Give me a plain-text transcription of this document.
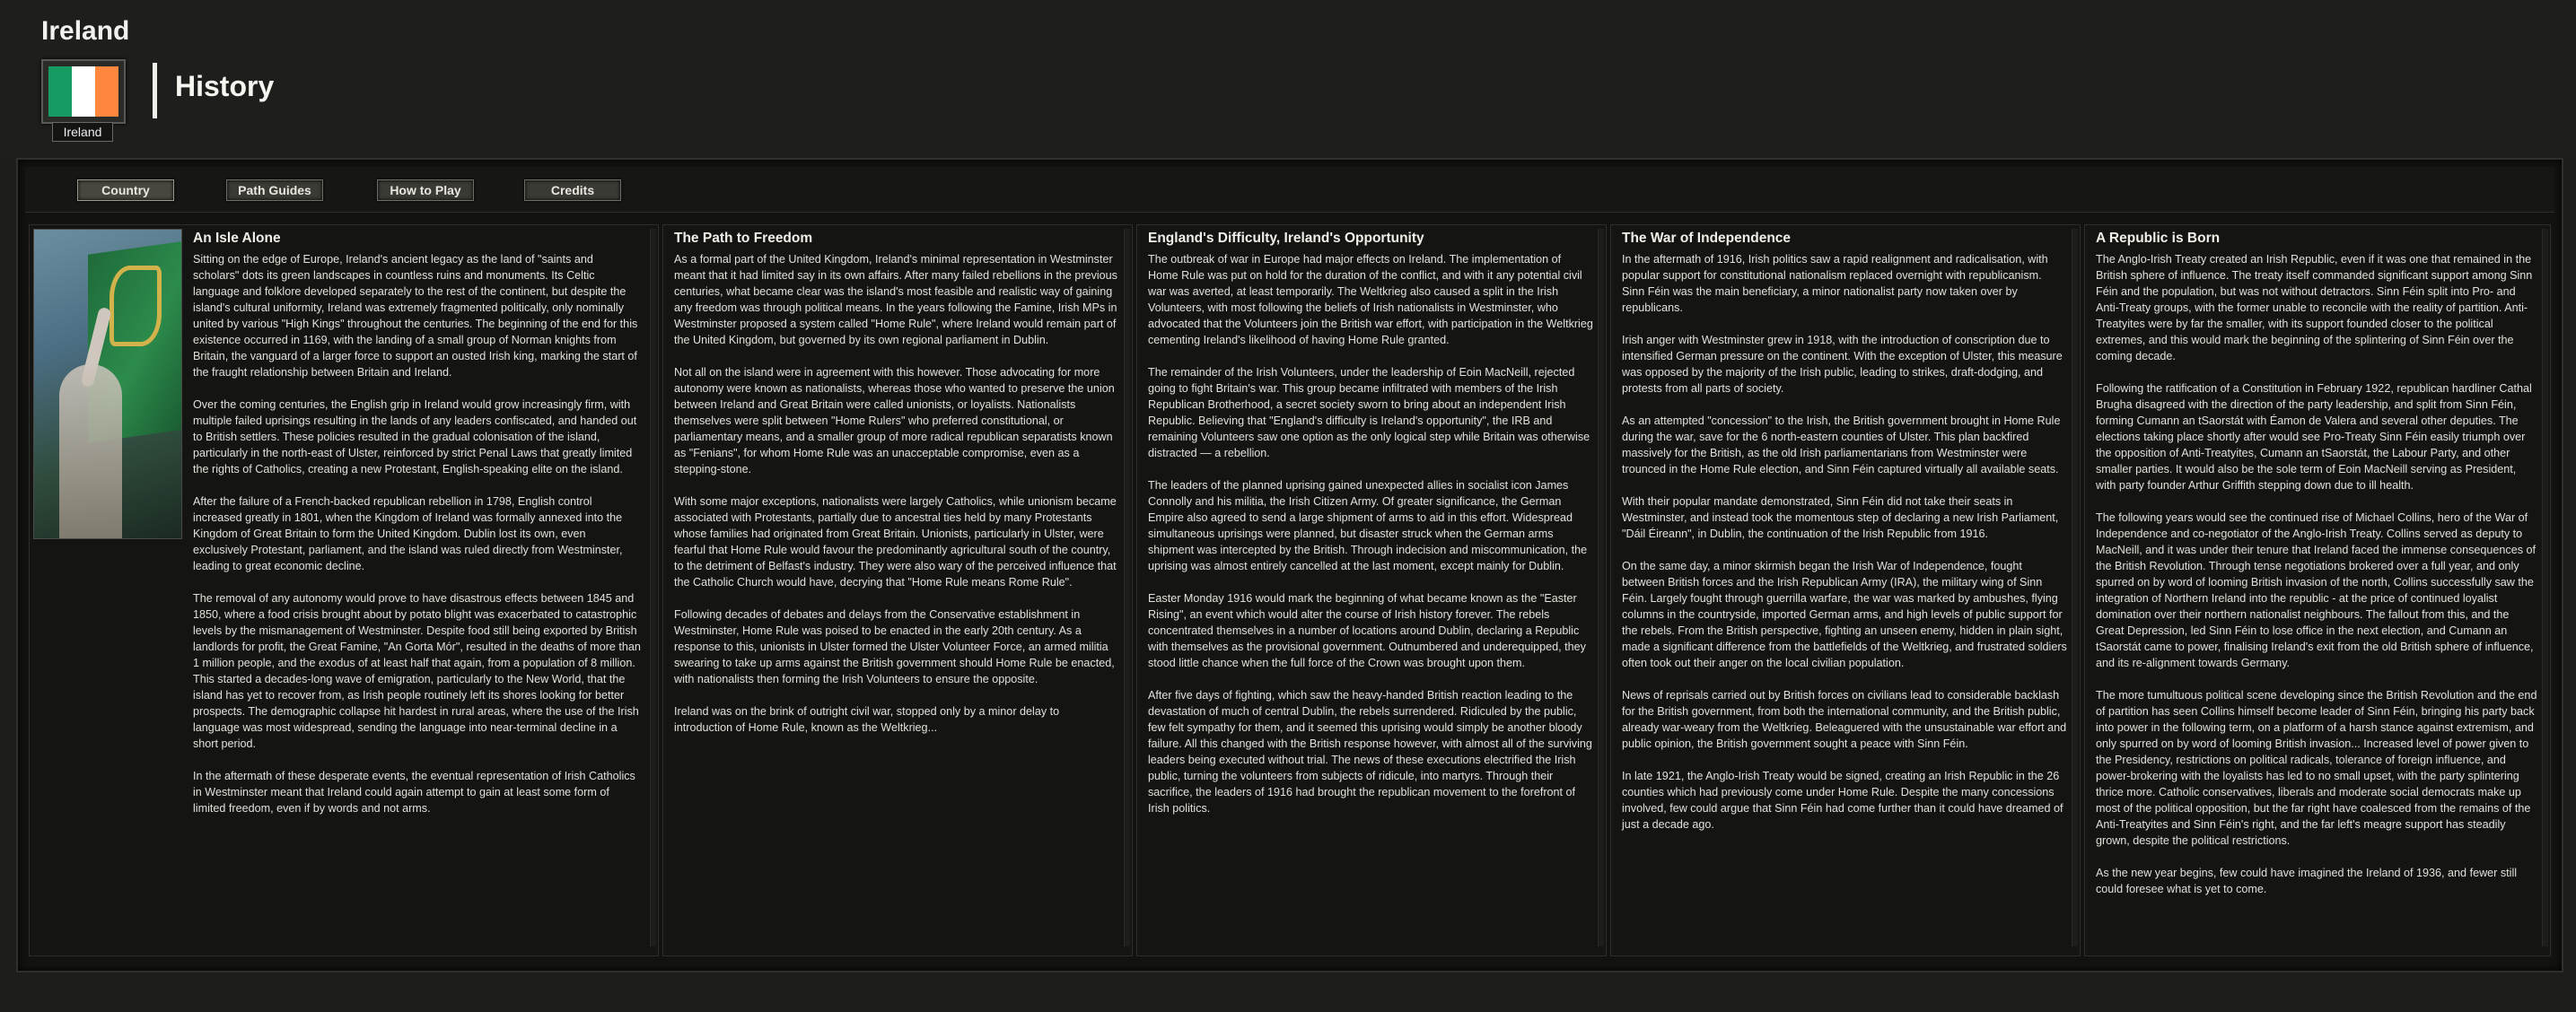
Ireland
Ireland
History
Country	Path Guides	How to Play	Credits
An Isle Alone

Sitting on the edge of Europe, Ireland's ancient legacy as the land of "saints and scholars" dots its green landscapes in countless ruins and monuments. Its Celtic language and folklore developed separately to the rest of the continent, but despite the island's cultural uniformity, Ireland was extremely fragmented politically, only nominally united by various "High Kings" throughout the centuries. The beginning of the end for this existence occurred in 1169, with the landing of a small group of Norman knights from Britain, the vanguard of a larger force to support an ousted Irish king, marking the start of the fraught relationship between Britain and Ireland.

Over the coming centuries, the English grip in Ireland would grow increasingly firm, with multiple failed uprisings resulting in the lands of any leaders confiscated, and handed out to British settlers. These policies resulted in the gradual colonisation of the island, particularly in the north-east of Ulster, reinforced by strict Penal Laws that greatly limited the rights of Catholics, creating a new Protestant, English-speaking elite on the island.

After the failure of a French-backed republican rebellion in 1798, English control increased greatly in 1801, when the Kingdom of Ireland was formally annexed into the Kingdom of Great Britain to form the United Kingdom. Dublin lost its own, even exclusively Protestant, parliament, and the island was ruled directly from Westminster, leading to great economic decline.

The removal of any autonomy would prove to have disastrous effects between 1845 and 1850, where a food crisis brought about by potato blight was exacerbated to catastrophic levels by the mismanagement of Westminster. Despite food still being exported by British landlords for profit, the Great Famine, "An Gorta Mór", resulted in the deaths of more than 1 million people, and the exodus of at least half that again, from a population of 8 million. This started a decades-long wave of emigration, particularly to the New World, that the island has yet to recover from, as Irish people routinely left its shores looking for better prospects. The demographic collapse hit hardest in rural areas, where the use of the Irish language was most widespread, sending the language into near-terminal decline in a short period.

In the aftermath of these desperate events, the eventual representation of Irish Catholics in Westminster meant that Ireland could again attempt to gain at least some form of limited freedom, even if by words and not arms.

The Path to Freedom

As a formal part of the United Kingdom, Ireland's minimal representation in Westminster meant that it had limited say in its own affairs. After many failed rebellions in the previous centuries, what became clear was the island's most feasible and realistic way of gaining any freedom was through political means. In the years following the Famine, Irish MPs in Westminster proposed a system called "Home Rule", where Ireland would remain part of the United Kingdom, but governed by its own regional parliament in Dublin.

Not all on the island were in agreement with this however. Those advocating for more autonomy were known as nationalists, whereas those who wanted to preserve the union between Ireland and Great Britain were called unionists, or loyalists. Nationalists themselves were split between "Home Rulers" who preferred constitutional, or parliamentary means, and a smaller group of more radical republican separatists known as "Fenians", for whom Home Rule was an unacceptable compromise, even as a stepping-stone.

With some major exceptions, nationalists were largely Catholics, while unionism became associated with Protestants, partially due to ancestral ties held by many Protestants whose families had originated from Great Britain. Unionists, particularly in Ulster, were fearful that Home Rule would favour the predominantly agricultural south of the country, to the detriment of Belfast's industry. They were also wary of the perceived influence that the Catholic Church would have, decrying that "Home Rule means Rome Rule".

Following decades of debates and delays from the Conservative establishment in Westminster, Home Rule was poised to be enacted in the early 20th century. As a response to this, unionists in Ulster formed the Ulster Volunteer Force, an armed militia swearing to take up arms against the British government should Home Rule be enacted, with nationalists then forming the Irish Volunteers to ensure the opposite.

Ireland was on the brink of outright civil war, stopped only by a minor delay to introduction of Home Rule, known as the Weltkrieg...

England's Difficulty, Ireland's Opportunity

The outbreak of war in Europe had major effects on Ireland. The implementation of Home Rule was put on hold for the duration of the conflict, and with it any potential civil war was averted, at least temporarily. The Weltkrieg also caused a split in the Irish Volunteers, with most following the beliefs of Irish nationalists in Westminster, who advocated that the Volunteers join the British war effort, with participation in the Weltkrieg cementing Ireland's likelihood of having Home Rule granted.

The remainder of the Irish Volunteers, under the leadership of Eoin MacNeill, rejected going to fight Britain's war. This group became infiltrated with members of the Irish Republican Brotherhood, a secret society sworn to bring about an independent Irish Republic. Believing that "England's difficulty is Ireland's opportunity", the IRB and remaining Volunteers saw one option as the only logical step while Britain was otherwise distracted — a rebellion.

The leaders of the planned uprising gained unexpected allies in socialist icon James Connolly and his militia, the Irish Citizen Army. Of greater significance, the German Empire also agreed to send a large shipment of arms to aid in this effort. Widespread simultaneous uprisings were planned, but disaster struck when the German arms shipment was intercepted by the British. Through indecision and miscommunication, the uprising was almost entirely cancelled at the last moment, except mainly for Dublin.

Easter Monday 1916 would mark the beginning of what became known as the "Easter Rising", an event which would alter the course of Irish history forever. The rebels concentrated themselves in a number of locations around Dublin, declaring a Republic with themselves as the provisional government. Outnumbered and underequipped, they stood little chance when the full force of the Crown was brought upon them.

After five days of fighting, which saw the heavy-handed British reaction leading to the devastation of much of central Dublin, the rebels surrendered. Ridiculed by the public, few felt sympathy for them, and it seemed this uprising would simply be another bloody failure. All this changed with the British response however, with almost all of the surviving leaders being executed without trial. The news of these executions electrified the Irish public, turning the volunteers from subjects of ridicule, into martyrs. Through their sacrifice, the leaders of 1916 had brought the republican movement to the forefront of Irish politics.

The War of Independence

In the aftermath of 1916, Irish politics saw a rapid realignment and radicalisation, with popular support for constitutional nationalism replaced overnight with republicanism. Sinn Féin was the main beneficiary, a minor nationalist party now taken over by republicans.

Irish anger with Westminster grew in 1918, with the introduction of conscription due to intensified German pressure on the continent. With the exception of Ulster, this measure was opposed by the majority of the Irish public, leading to strikes, draft-dodging, and protests from all parts of society.

As an attempted "concession" to the Irish, the British government brought in Home Rule during the war, save for the 6 north-eastern counties of Ulster. This plan backfired massively for the British, as the old Irish parliamentarians from Westminster were trounced in the Home Rule election, and Sinn Féin captured virtually all available seats.

With their popular mandate demonstrated, Sinn Féin did not take their seats in Westminster, and instead took the momentous step of declaring a new Irish Parliament, "Dáil Éireann", in Dublin, the continuation of the Irish Republic from 1916.

On the same day, a minor skirmish began the Irish War of Independence, fought between British forces and the Irish Republican Army (IRA), the military wing of Sinn Féin. Largely fought through guerrilla warfare, the war was marked by ambushes, flying columns in the countryside, imported German arms, and high levels of public support for the rebels. From the British perspective, fighting an unseen enemy, hidden in plain sight, made a significant difference from the battlefields of the Weltkrieg, and frustrated soldiers often took out their anger on the local civilian population.

News of reprisals carried out by British forces on civilians lead to considerable backlash for the British government, from both the international community, and the British public, already war-weary from the Weltkrieg. Beleaguered with the unsustainable war effort and public opinion, the British government sought a peace with Sinn Féin.

In late 1921, the Anglo-Irish Treaty would be signed, creating an Irish Republic in the 26 counties which had previously come under Home Rule. Despite the many concessions involved, few could argue that Sinn Féin had come further than it could have dreamed of just a decade ago.

A Republic is Born

The Anglo-Irish Treaty created an Irish Republic, even if it was one that remained in the British sphere of influence. The treaty itself commanded significant support among Sinn Féin and the population, but was not without detractors. Sinn Féin split into Pro- and Anti-Treaty groups, with the former unable to reconcile with the reality of partition. Anti-Treatyites were by far the smaller, with its support founded closer to the political extremes, and this would mark the beginning of the splintering of Sinn Féin over the coming decade.

Following the ratification of a Constitution in February 1922, republican hardliner Cathal Brugha disagreed with the direction of the party leadership, and split from Sinn Féin, forming Cumann an tSaorstát with Éamon de Valera and several other deputies. The elections taking place shortly after would see Pro-Treaty Sinn Féin easily triumph over the opposition of Anti-Treatyites, Cumann an tSaorstát, the Labour Party, and other smaller parties. It would also be the sole term of Eoin MacNeill serving as President, with party founder Arthur Griffith stepping down due to ill health.

The following years would see the continued rise of Michael Collins, hero of the War of Independence and co-negotiator of the Anglo-Irish Treaty. Collins served as deputy to MacNeill, and it was under their tenure that Ireland faced the immense consequences of the British Revolution. Through tense negotiations brokered over a full year, and only spurred on by word of looming British invasion of the north, Collins successfully saw the integration of Northern Ireland into the republic - at the price of continued loyalist domination over their northern nationalist neighbours. The fallout from this, and the Great Depression, led Sinn Féin to lose office in the next election, and Cumann an tSaorstát came to power, finalising Ireland's exit from the old British sphere of influence, and its re-alignment towards Germany.

The more tumultuous political scene developing since the British Revolution and the end of partition has seen Collins himself become leader of Sinn Féin, bringing his party back into power in the following term, on a platform of a harsh stance against extremism, and only spurred on by word of looming British invasion... Increased level of power given to the Presidency, restrictions on political radicals, tolerance of foreign influence, and power-brokering with the loyalists has led to no small upset, with the party splintering thrice more. Catholic conservatives, liberals and moderate social democrats make up most of the political opposition, but the far right have coalesced from the remains of the Anti-Treatyites and Sinn Féin's right, and the far left's meagre support has steadily grown, despite the political restrictions.

As the new year begins, few could have imagined the Ireland of 1936, and fewer still could foresee what is yet to come.
